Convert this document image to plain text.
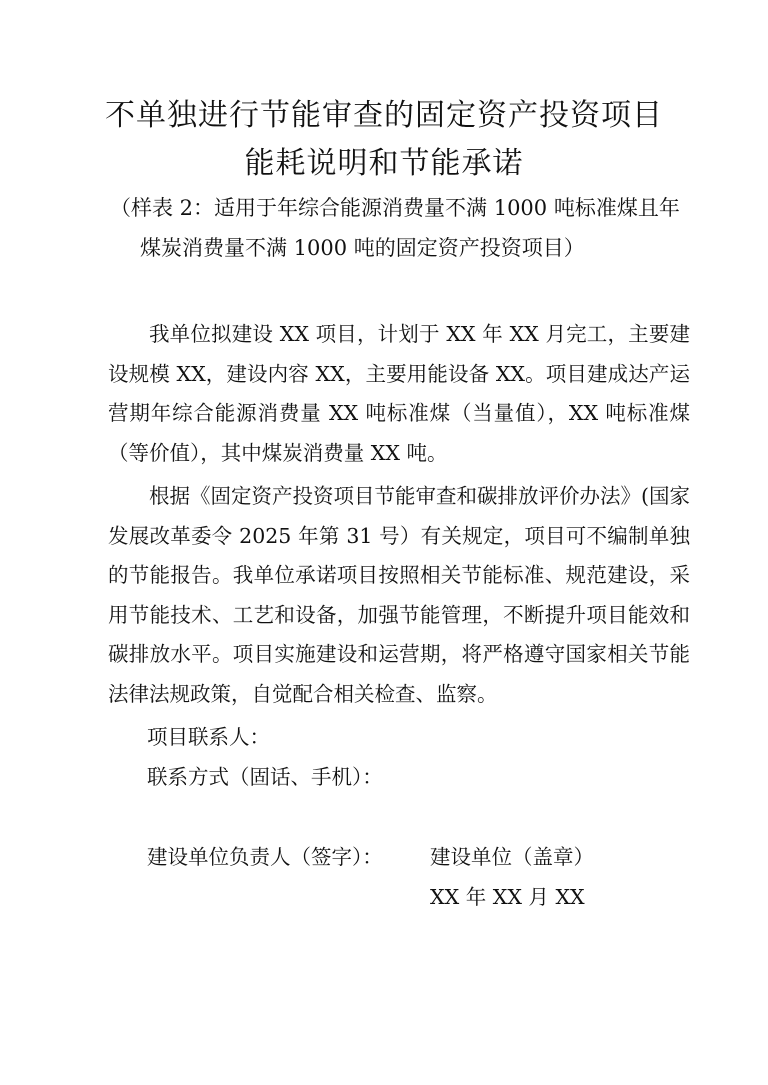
不单独进行节能审查的固定资产投资项目
能耗说明和节能承诺
（样表 2：适用于年综合能源消费量不满 1000 吨标准煤且年
煤炭消费量不满 1000 吨的固定资产投资项目）
我单位拟建设 XX 项目，计划于 XX 年 XX 月完工，主要建设规模 XX，建设内容 XX，主要用能设备 XX。项目建成达产运营期年综合能源消费量 XX 吨标准煤（当量值），XX 吨标准煤（等价值），其中煤炭消费量 XX 吨。
根据《固定资产投资项目节能审查和碳排放评价办法》(国家发展改革委令 2025 年第 31 号）有关规定，项目可不编制单独的节能报告。我单位承诺项目按照相关节能标准、规范建设，采用节能技术、工艺和设备，加强节能管理，不断提升项目能效和碳排放水平。项目实施建设和运营期，将严格遵守国家相关节能法律法规政策，自觉配合相关检查、监察。
项目联系人：
联系方式（固话、手机）：
建设单位负责人（签字）： 建设单位（盖章）
XX 年 XX 月 XX
